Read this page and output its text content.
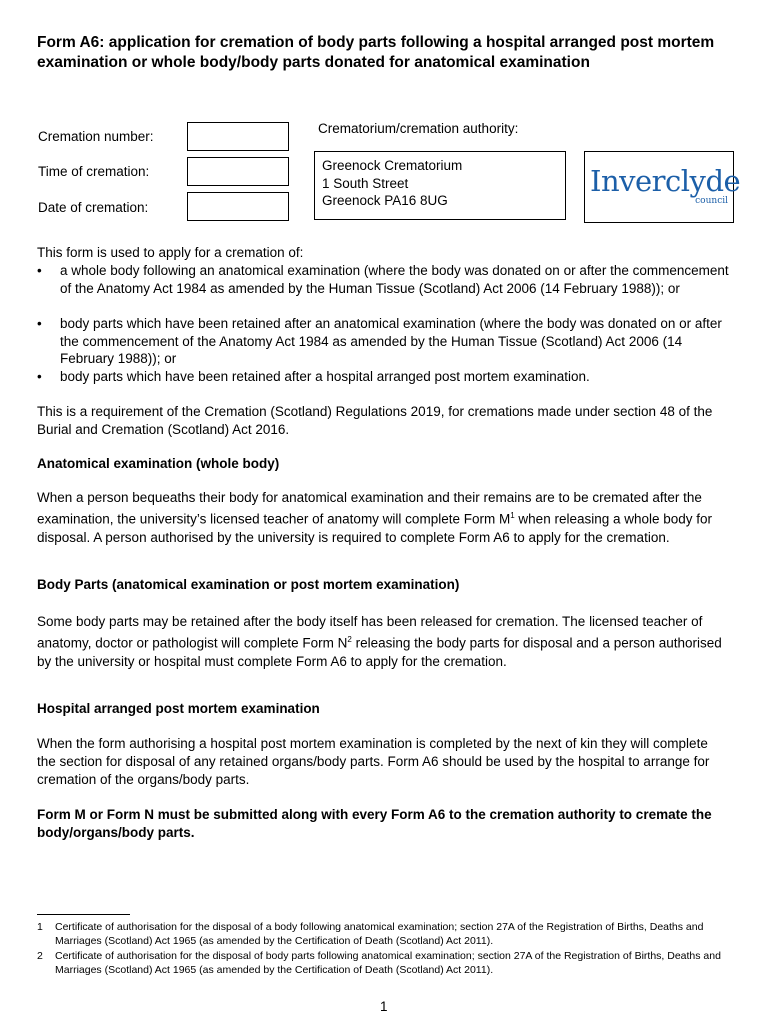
Form A6: application for cremation of body parts following a hospital arranged post mortem examination or whole body/body parts donated for anatomical examination
Cremation number:
Time of cremation:
Date of cremation:
Crematorium/cremation authority:
Greenock Crematorium
1 South Street
Greenock PA16 8UG
Inverclyde
council
This form is used to apply for a cremation of:
• a whole body following an anatomical examination (where the body was donated on or after the commencement of the Anatomy Act 1984 as amended by the Human Tissue (Scotland) Act 2006 (14 February 1988)); or
• body parts which have been retained after an anatomical examination (where the body was donated on or after the commencement of the Anatomy Act 1984 as amended by the Human Tissue (Scotland) Act 2006 (14 February 1988)); or
• body parts which have been retained after a hospital arranged post mortem examination.
This is a requirement of the Cremation (Scotland) Regulations 2019, for cremations made under section 48 of the Burial and Cremation (Scotland) Act 2016.
Anatomical examination (whole body)
When a person bequeaths their body for anatomical examination and their remains are to be cremated after the examination, the university’s licensed teacher of anatomy will complete Form $M^1$ when releasing a whole body for disposal. A person authorised by the university is required to complete Form A6 to apply for the cremation.
Body Parts (anatomical examination or post mortem examination)
Some body parts may be retained after the body itself has been released for cremation. The licensed teacher of anatomy, doctor or pathologist will complete Form $N^2$ releasing the body parts for disposal and a person authorised by the university or hospital must complete Form A6 to apply for the cremation.
Hospital arranged post mortem examination
When the form authorising a hospital post mortem examination is completed by the next of kin they will complete the section for disposal of any retained organs/body parts. Form A6 should be used by the hospital to arrange for cremation of the organs/body parts.
Form M or Form N must be submitted along with every Form A6 to the cremation authority to cremate the body/organs/body parts.
1 Certificate of authorisation for the disposal of a body following anatomical examination; section 27A of the Registration of Births, Deaths and Marriages (Scotland) Act 1965 (as amended by the Certification of Death (Scotland) Act 2011).
2 Certificate of authorisation for the disposal of body parts following anatomical examination; section 27A of the Registration of Births, Deaths and Marriages (Scotland) Act 1965 (as amended by the Certification of Death (Scotland) Act 2011).
1
